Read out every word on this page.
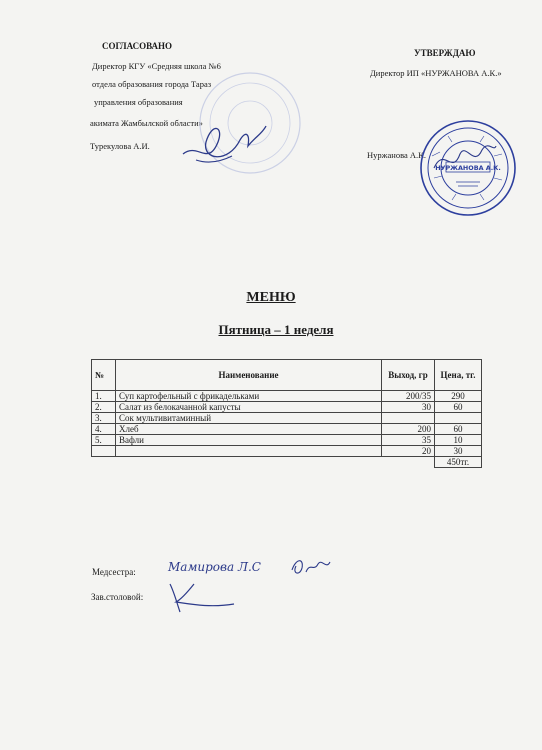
СОГЛАСОВАНО
Директор КГУ «Средняя школа №6
отдела образования города Тараз
управления образования
акимата Жамбылской области»
Турекулова А.И.
УТВЕРЖДАЮ
Директор ИП «НУРЖАНОВА А.К.»
Нуржанова А.К.
НУРЖАНОВА А.К.
МЕНЮ
Пятница – 1 неделя
№	Наименование	Выход, гр	Цена, тг.
1.	Суп картофельный с фрикадельками	200/35	290
2.	Салат из белокачанной капусты	30	60
3.	Сок мультивитаминный		
4.	Хлеб	200	60
5.	Вафли	35	10
		20	30
			450тг.
Медсестра:	Мамирова Л.С
Зав.столовой:
